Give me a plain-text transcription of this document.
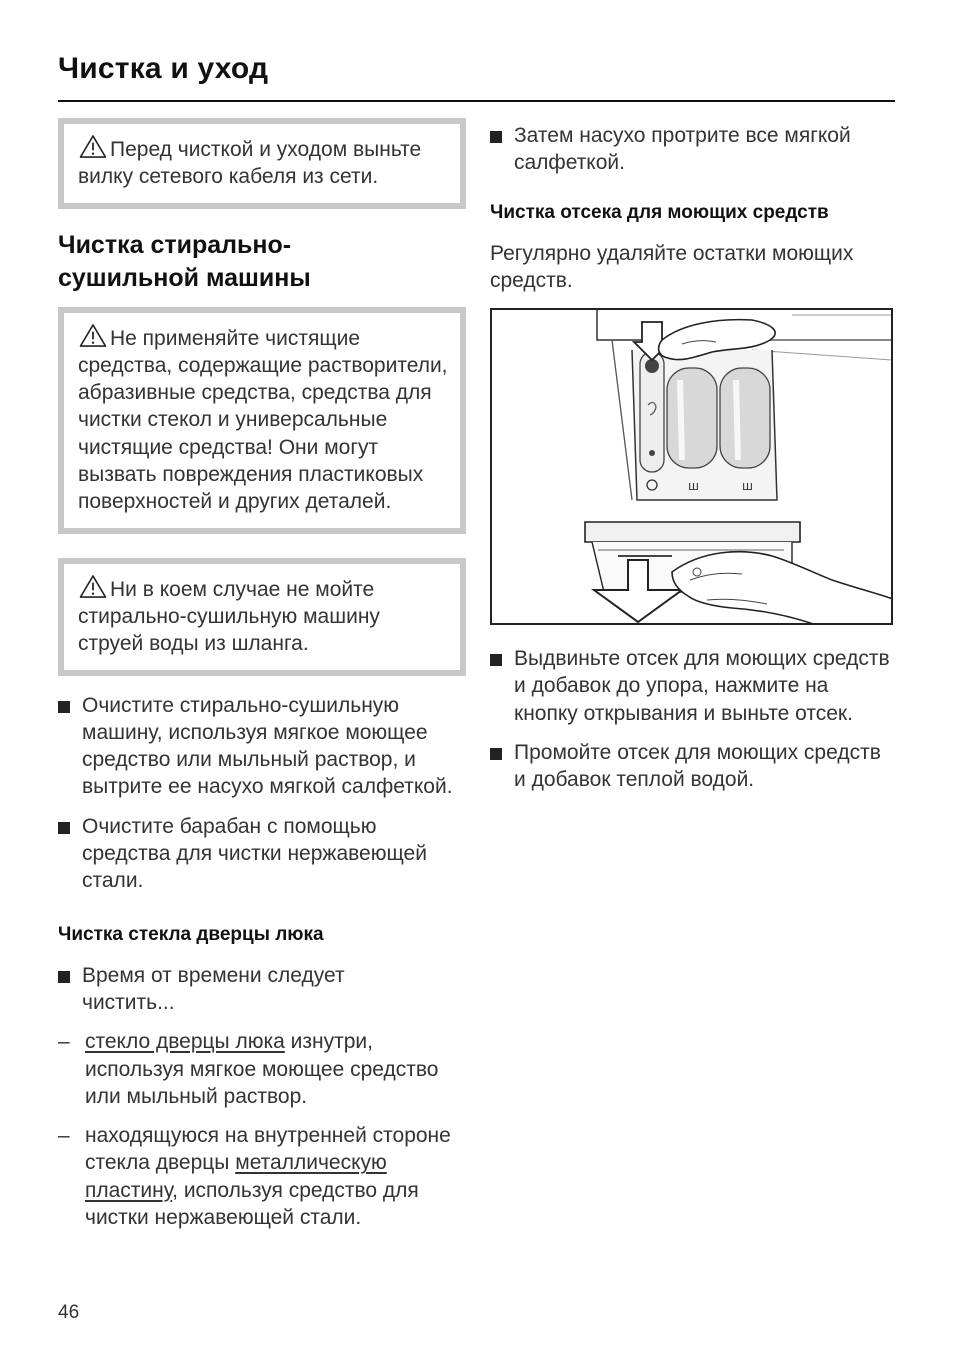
Чистка и уход
Перед чисткой и уходом выньте вилку сетевого кабеля из сети.
Чистка стирально-
сушильной машины
Не применяйте чистящие средства, содержащие растворители, абразивные средства, средства для чистки стекол и универсальные чистящие средства! Они могут вызвать повреждения пластиковых поверхностей и других деталей.
Ни в коем случае не мойте стирально-сушильную машину струей воды из шланга.
Очистите стирально-сушильную машину, используя мягкое моющее средство или мыльный раствор, и вытрите ее насухо мягкой салфеткой.
Очистите барабан с помощью средства для чистки нержавеющей стали.
Чистка стекла дверцы люка
Время от времени следует чистить...
– стекло дверцы люка изнутри, используя мягкое моющее средство или мыльный раствор.
– находящуюся на внутренней стороне стекла дверцы металлическую пластину, используя средство для чистки нержавеющей стали.
Затем насухо протрите все мягкой салфеткой.
Чистка отсека для моющих средств
Регулярно удаляйте остатки моющих средств.
ш	ш
Выдвиньте отсек для моющих средств и добавок до упора, нажмите на кнопку открывания и выньте отсек.
Промойте отсек для моющих средств и добавок теплой водой.
46
